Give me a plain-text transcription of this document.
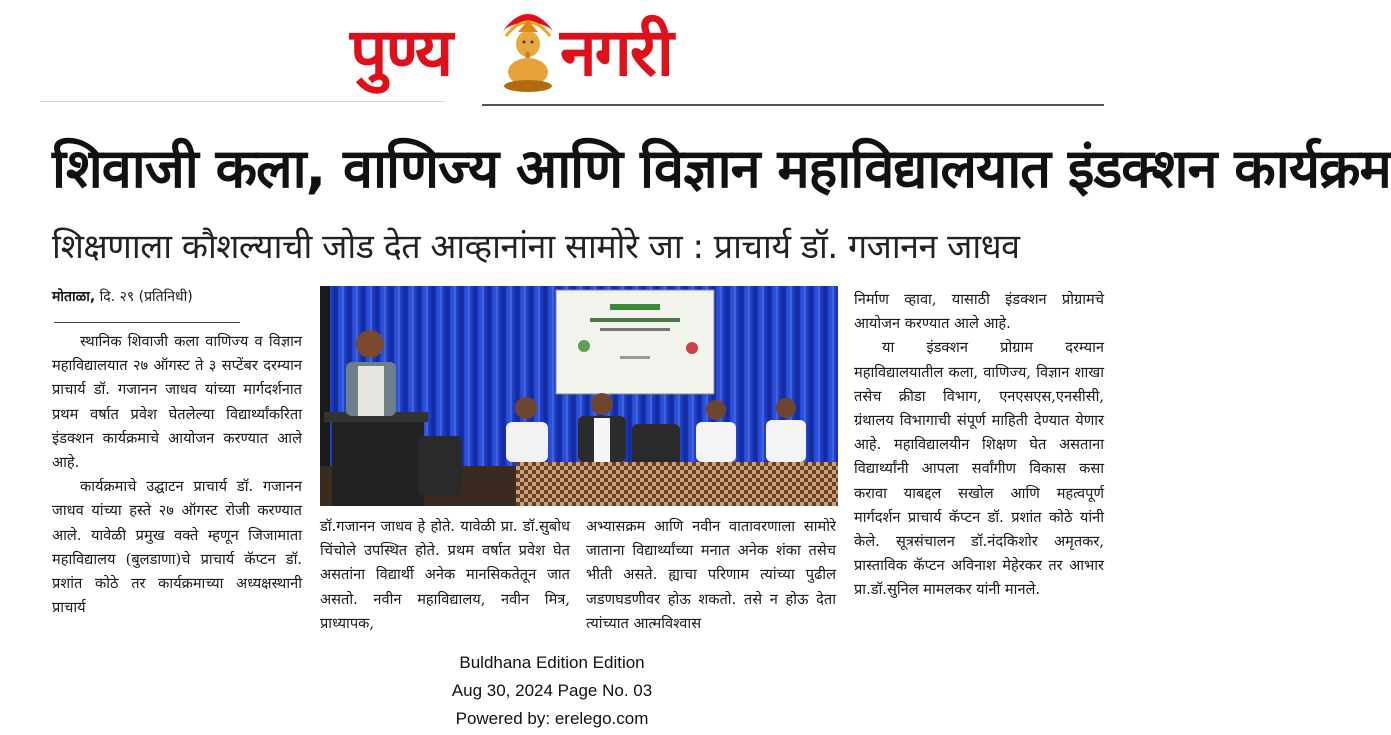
पुण्य नगरी
शिवाजी कला, वाणिज्य आणि विज्ञान महाविद्यालयात इंडक्शन कार्यक्रम
शिक्षणाला कौशल्याची जोड देत आव्हानांना सामोरे जा : प्राचार्य डॉ. गजानन जाधव
मोताळा, दि. २९ (प्रतिनिधी)

स्थानिक शिवाजी कला वाणिज्य व विज्ञान महाविद्यालयात २७ ऑगस्ट ते ३ सप्टेंबर दरम्यान प्राचार्य डॉ. गजानन जाधव यांच्या मार्गदर्शनात प्रथम वर्षात प्रवेश घेतलेल्या विद्यार्थ्यांकरिता इंडक्शन कार्यक्रमाचे आयोजन करण्यात आले आहे.

कार्यक्रमाचे उद्घाटन प्राचार्य डॉ. गजानन जाधव यांच्या हस्ते २७ ऑगस्ट रोजी करण्यात आले. यावेळी प्रमुख वक्ते म्हणून जिजामाता महाविद्यालय (बुलडाणा)चे प्राचार्य कॅप्टन डॉ. प्रशांत कोठे तर कार्यक्रमाच्या अध्यक्षस्थानी प्राचार्य

डॉ.गजानन जाधव हे होते. यावेळी प्रा. डॉ.सुबोध चिंचोले उपस्थित होते. प्रथम वर्षात प्रवेश घेत असतांना विद्यार्थी अनेक मानसिकतेतून जात असतो. नवीन महाविद्यालय, नवीन मित्र, प्राध्यापक,

अभ्यासक्रम आणि नवीन वातावरणाला सामोरे जाताना विद्यार्थ्यांच्या मनात अनेक शंका तसेच भीती असते. ह्याचा परिणाम त्यांच्या पुढील जडणघडणीवर होऊ शकतो. तसे न होऊ देता त्यांच्यात आत्मविश्वास

निर्माण व्हावा, यासाठी इंडक्शन प्रोग्रामचे आयोजन करण्यात आले आहे.

या इंडक्शन प्रोग्राम दरम्यान महाविद्यालयातील कला, वाणिज्य, विज्ञान शाखा तसेच क्रीडा विभाग, एनएसएस,एनसीसी, ग्रंथालय विभागाची संपूर्ण माहिती देण्यात येणार आहे. महाविद्यालयीन शिक्षण घेत असताना विद्यार्थ्यांनी आपला सर्वांगीण विकास कसा करावा याबद्दल सखोल आणि महत्वपूर्ण मार्गदर्शन प्राचार्य कॅप्टन डॉ. प्रशांत कोठे यांनी केले. सूत्रसंचालन डॉ.नंदकिशोर अमृतकर, प्रास्ताविक कॅप्टन अविनाश मेहेरकर तर आभार प्रा.डॉ.सुनिल मामलकर यांनी मानले.

Buldhana Edition Edition
Aug 30, 2024 Page No. 03
Powered by: erelego.com
